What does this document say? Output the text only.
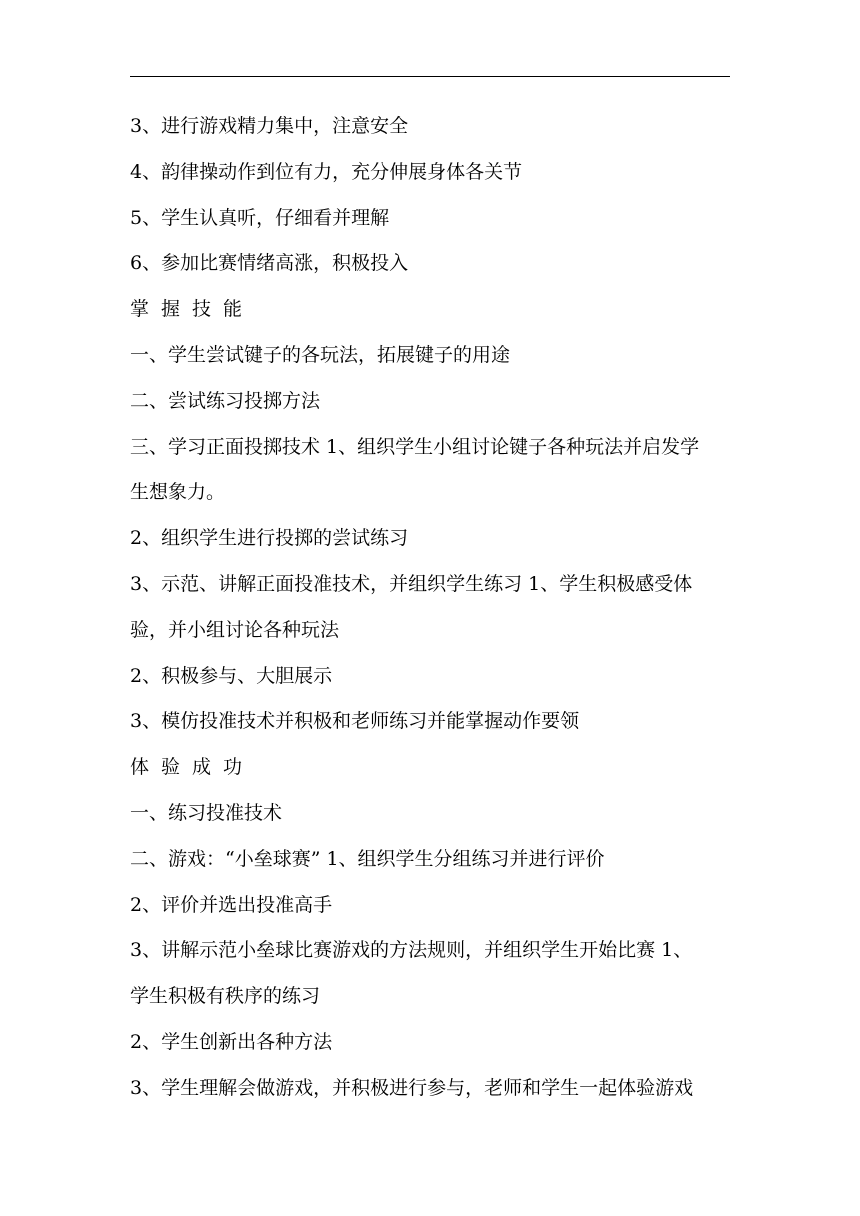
3、进行游戏精力集中，注意安全
4、韵律操动作到位有力，充分伸展身体各关节
5、学生认真听，仔细看并理解
6、参加比赛情绪高涨，积极投入
掌握技能
一、学生尝试键子的各玩法，拓展键子的用途
二、尝试练习投掷方法
三、学习正面投掷技术 1、组织学生小组讨论键子各种玩法并启发学
生想象力。
2、组织学生进行投掷的尝试练习
3、示范、讲解正面投准技术，并组织学生练习 1、学生积极感受体
验，并小组讨论各种玩法
2、积极参与、大胆展示
3、模仿投准技术并积极和老师练习并能掌握动作要领
体验成功
一、练习投准技术
二、游戏：“小垒球赛” 1、组织学生分组练习并进行评价
2、评价并选出投准高手
3、讲解示范小垒球比赛游戏的方法规则，并组织学生开始比赛 1、
学生积极有秩序的练习
2、学生创新出各种方法
3、学生理解会做游戏，并积极进行参与，老师和学生一起体验游戏
